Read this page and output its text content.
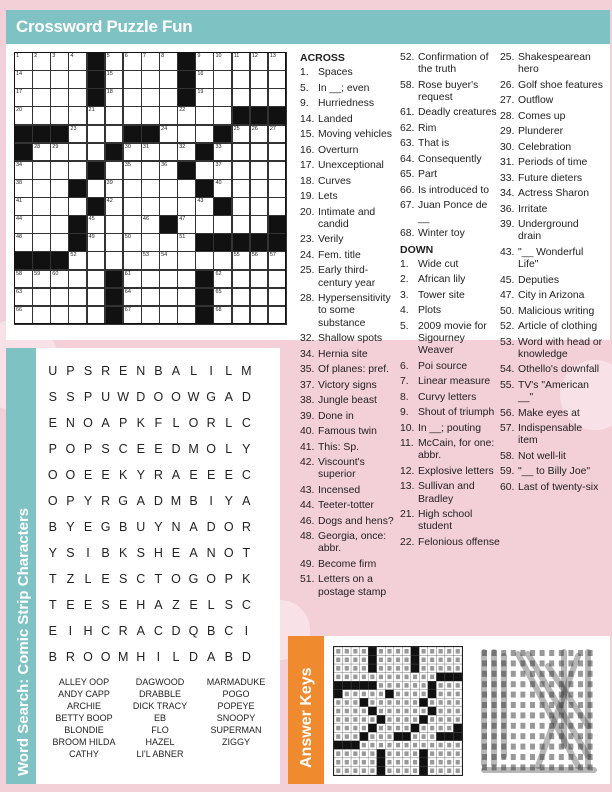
Crossword Puzzle Fun
1	2	3	4	5	6	7	8	9	10 11 12 13
14	15	16
17	18	19
20	21	22
23	24	25 26 27
28 29	30 31	32	33
34	35	36	37
38	39	40
41	42	43
44	45	46	47
48	49	50	51
52	53 54	55 56 57
58 59 60	61	62
63	64	65
66	67	68
ACROSS
1. Spaces
5. In __; even
9. Hurriedness
14. Landed
15. Moving vehicles
16. Overturn
17. Unexceptional
18. Curves
19. Lets
20. Intimate and candid
23. Verily
24. Fem. title
25. Early third-century year
28. Hypersensitivity to some substance
32. Shallow spots
34. Hernia site
35. Of planes: pref.
37. Victory signs
38. Jungle beast
39. Done in
40. Famous twin
41. This: Sp.
42. Viscount's superior
43. Incensed
44. Teeter-totter
46. Dogs and hens?
48. Georgia, once: abbr.
49. Become firm
51. Letters on a postage stamp
52. Confirmation of the truth
58. Rose buyer's request
61. Deadly creatures
62. Rim
63. That is
64. Consequently
65. Part
66. Is introduced to
67. Juan Ponce de __
68. Winter toy
DOWN
1. Wide cut
2. African lily
3. Tower site
4. Plots
5. 2009 movie for Sigourney Weaver
6. Poi source
7. Linear measure
8. Curvy letters
9. Shout of triumph
10. In __; pouting
11. McCain, for one: abbr.
12. Explosive letters
13. Sullivan and Bradley
21. High school student
22. Felonious offense
25. Shakespearean hero
26. Golf shoe features
27. Outflow
28. Comes up
29. Plunderer
30. Celebration
31. Periods of time
33. Future dieters
34. Actress Sharon
36. Irritate
39. Underground drain
43. "__ Wonderful Life"
45. Deputies
47. City in Arizona
50. Malicious writing
52. Article of clothing
53. Word with head or knowledge
54. Othello's downfall
55. TV's "American __"
56. Make eyes at
57. Indispensable item
58. Not well-lit
59. "__ to Billy Joe"
60. Last of twenty-six
Word Search: Comic Strip Characters
U P S R E N B A L I L M
S S P U W D O O W G A D
E N O A P K F L O R L C
P O P S C E E D M O L Y
O O E E K Y R A E E E C
O P Y R G A D M B I Y A
B Y E G B U Y N A D O R
Y S I B K S H E A N O T
T Z L E S C T O G O P K
T E E S E H A Z E L S C
E I H C R A C D Q B C I
B R O O M H I L D A B D
ALLEY OOP
ANDY CAPP
ARCHIE
BETTY BOOP
BLONDIE
BROOM HILDA
CATHY
DAGWOOD
DRABBLE
DICK TRACY
EB
FLO
HAZEL
LI'L ABNER
MARMADUKE
POGO
POPEYE
SNOOPY
SUPERMAN
ZIGGY	Answer Keys
